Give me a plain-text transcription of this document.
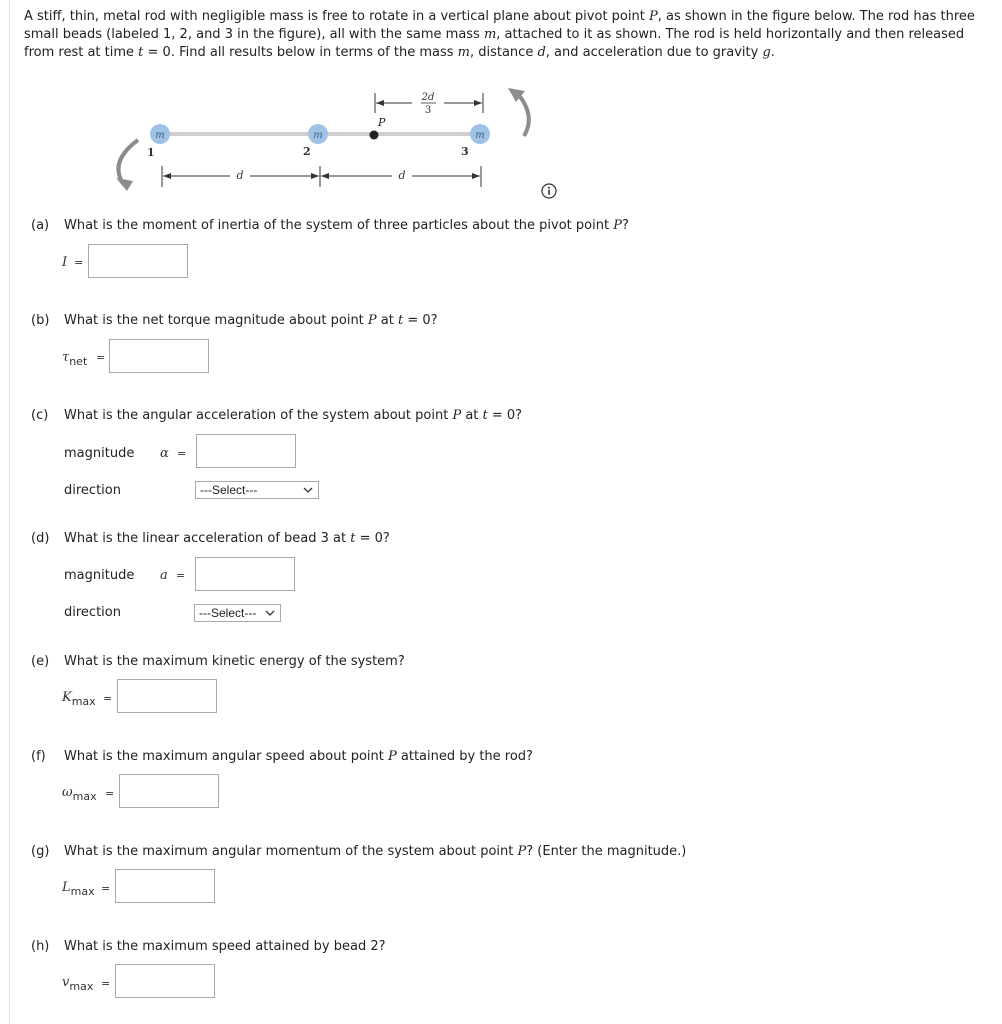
A stiff, thin, metal rod with negligible mass is free to rotate in a vertical plane about pivot point P, as shown in the figure below. The rod has three small beads (labeled 1, 2, and 3 in the figure), all with the same mass m, attached to it as shown. The rod is held horizontally and then released from rest at time t = 0. Find all results below in terms of the mass m, distance d, and acceleration due to gravity g.
m	m	m
1	2	3
P
2d
3
d	d
(a) What is the moment of inertia of the system of three particles about the pivot point P?
I =
(b) What is the net torque magnitude about point P at t = 0?
$\tau_{net}$ =
(c) What is the angular acceleration of the system about point P at t = 0?
magnitude α =
direction	---Select---
(d) What is the linear acceleration of bead 3 at t = 0?
magnitude a =
direction	---Select---
(e) What is the maximum kinetic energy of the system?
$K_{max}$ =
(f) What is the maximum angular speed about point P attained by the rod?
$\omega_{max}$ =
(g) What is the maximum angular momentum of the system about point P? (Enter the magnitude.)
$L_{max}$ =
(h) What is the maximum speed attained by bead 2?
$v_{max}$ =
